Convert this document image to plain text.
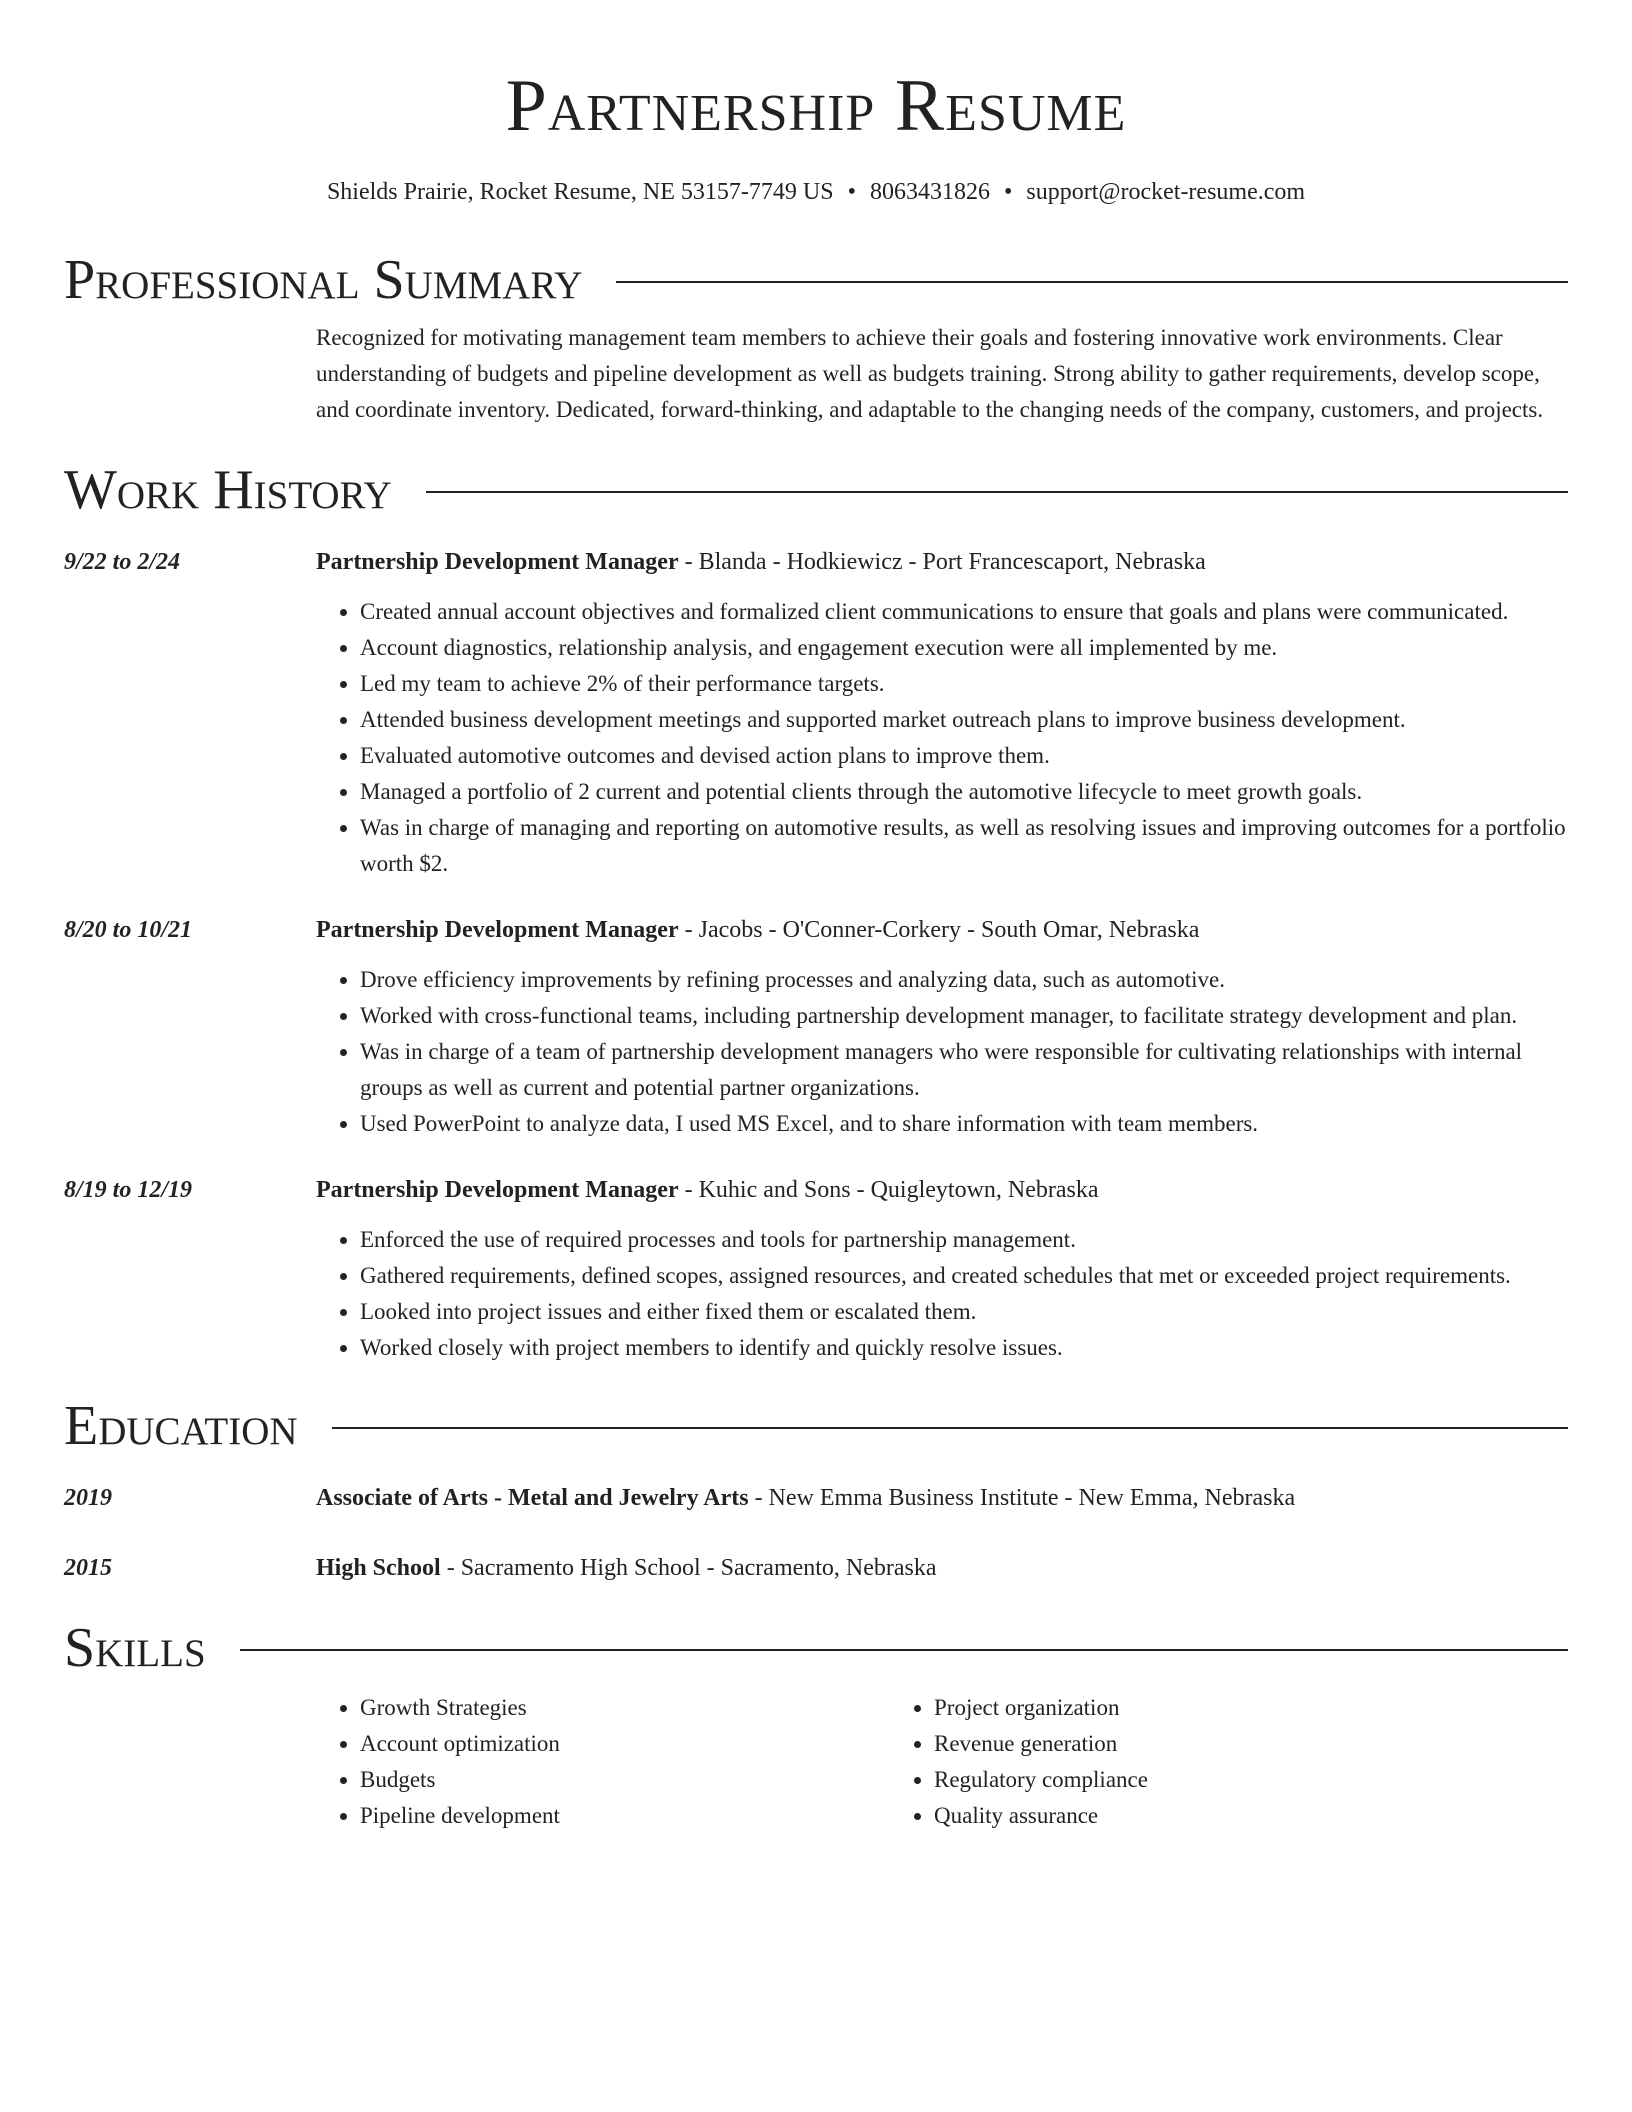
Partnership Resume
Shields Prairie, Rocket Resume, NE 53157-7749 US • 8063431826 • support@rocket-resume.com
Professional Summary
Recognized for motivating management team members to achieve their goals and fostering innovative work environments. Clear understanding of budgets and pipeline development as well as budgets training. Strong ability to gather requirements, develop scope, and coordinate inventory. Dedicated, forward-thinking, and adaptable to the changing needs of the company, customers, and projects.
Work History
9/22 to 2/24	Partnership Development Manager - Blanda - Hodkiewicz - Port Francescaport, Nebraska
• Created annual account objectives and formalized client communications to ensure that goals and plans were communicated.
• Account diagnostics, relationship analysis, and engagement execution were all implemented by me.
• Led my team to achieve 2% of their performance targets.
• Attended business development meetings and supported market outreach plans to improve business development.
• Evaluated automotive outcomes and devised action plans to improve them.
• Managed a portfolio of 2 current and potential clients through the automotive lifecycle to meet growth goals.
• Was in charge of managing and reporting on automotive results, as well as resolving issues and improving outcomes for a portfolio worth $2.
8/20 to 10/21	Partnership Development Manager - Jacobs - O'Conner-Corkery - South Omar, Nebraska
• Drove efficiency improvements by refining processes and analyzing data, such as automotive.
• Worked with cross-functional teams, including partnership development manager, to facilitate strategy development and plan.
• Was in charge of a team of partnership development managers who were responsible for cultivating relationships with internal groups as well as current and potential partner organizations.
• Used PowerPoint to analyze data, I used MS Excel, and to share information with team members.
8/19 to 12/19	Partnership Development Manager - Kuhic and Sons - Quigleytown, Nebraska
• Enforced the use of required processes and tools for partnership management.
• Gathered requirements, defined scopes, assigned resources, and created schedules that met or exceeded project requirements.
• Looked into project issues and either fixed them or escalated them.
• Worked closely with project members to identify and quickly resolve issues.
Education
2019	Associate of Arts - Metal and Jewelry Arts - New Emma Business Institute - New Emma, Nebraska
2015	High School - Sacramento High School - Sacramento, Nebraska
Skills
• Growth Strategies
• Account optimization
• Budgets
• Pipeline development
• Project organization
• Revenue generation
• Regulatory compliance
• Quality assurance
